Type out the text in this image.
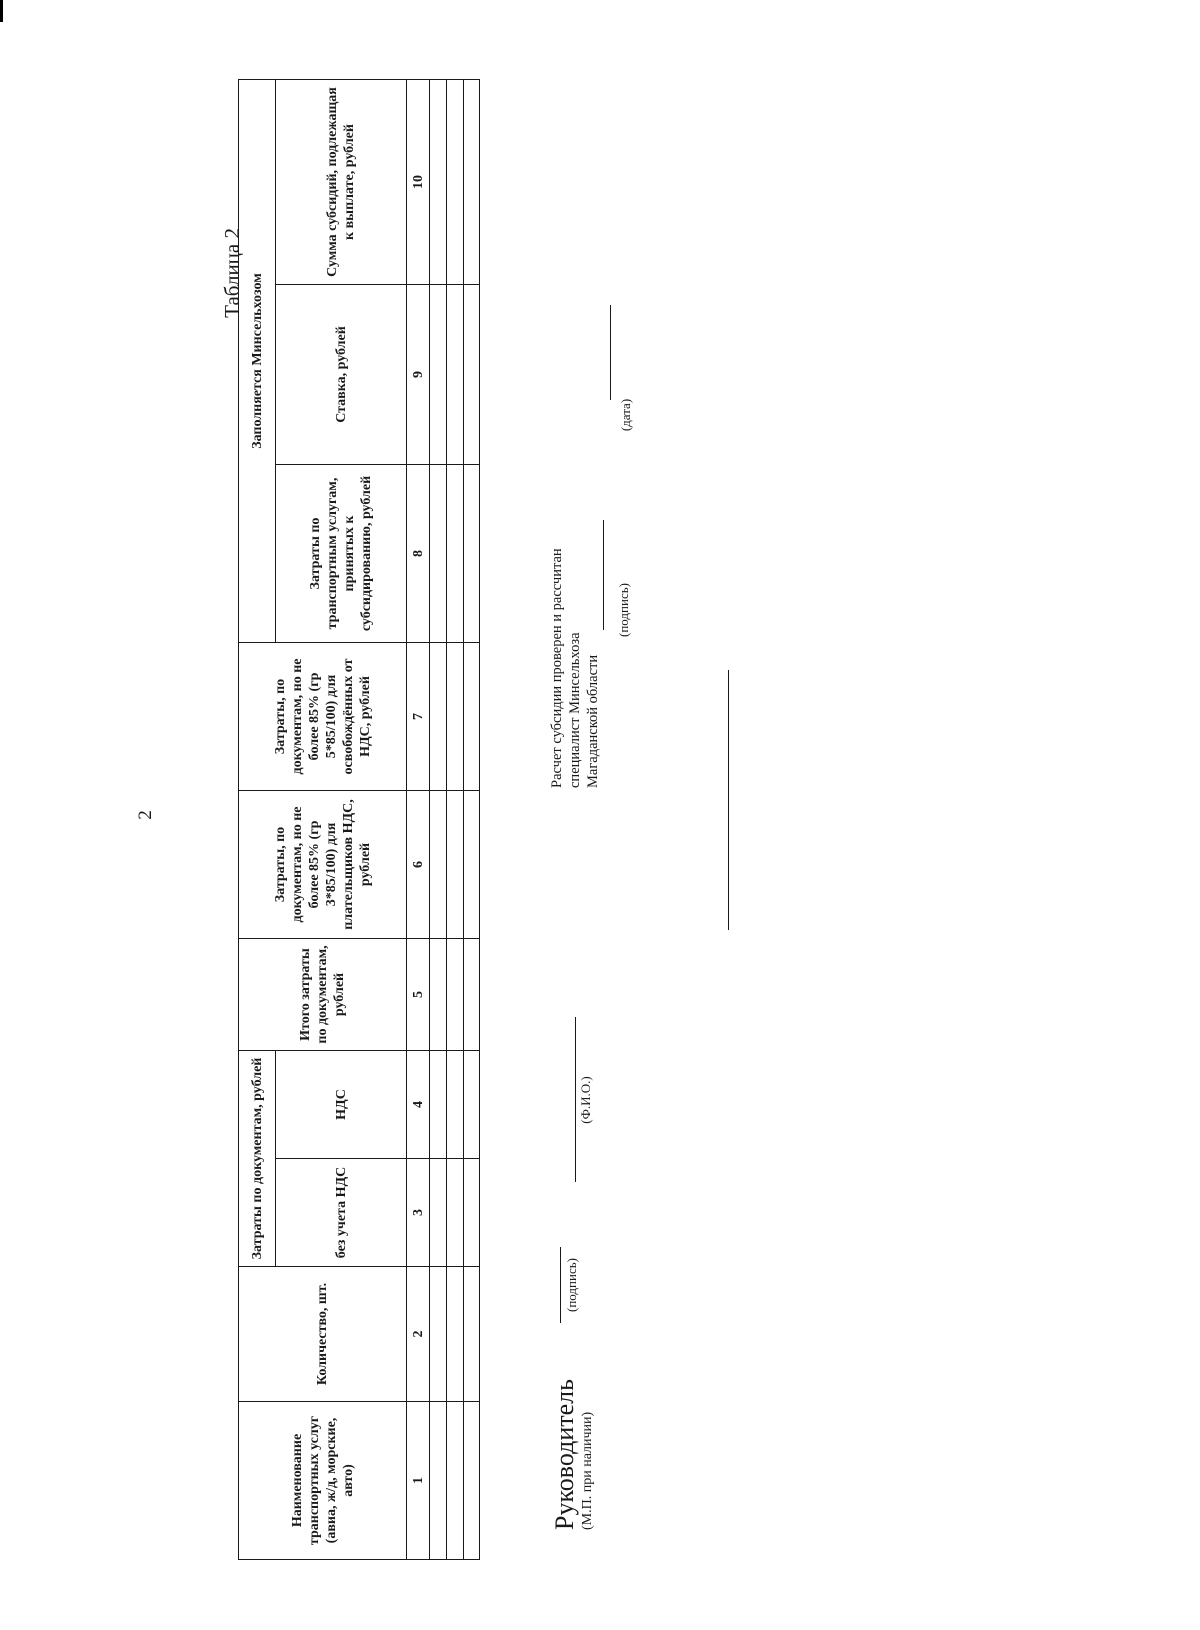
2
Таблица 2
Наименование транспортных услуг (авиа, ж/д, морские, авто)	Количество, шт.	Затраты по документам, рублей		Итого затраты по документам, рублей	Затраты, по документам, но не более 85% (гр 3*85/100) для плательщиков НДС, рублей	Затраты, по документам, но не более 85% (гр 5*85/100) для освобождённых от НДС, рублей	Заполняется Минсельхозом		

		без учета НДС	НДС				Затраты по транспортным услугам, принятых к субсидированию, рублей	Ставка, рублей	Сумма субсидий, подлежащая к выплате, рублей

1	2	3	4	5	6	7	8	9	10

Руководитель (М.П. при наличии)
(подпись)
(Ф.И.О.)
Расчет субсидии проверен и рассчитан специалист Минсельхоза Магаданской области
(подпись)
(дата)
